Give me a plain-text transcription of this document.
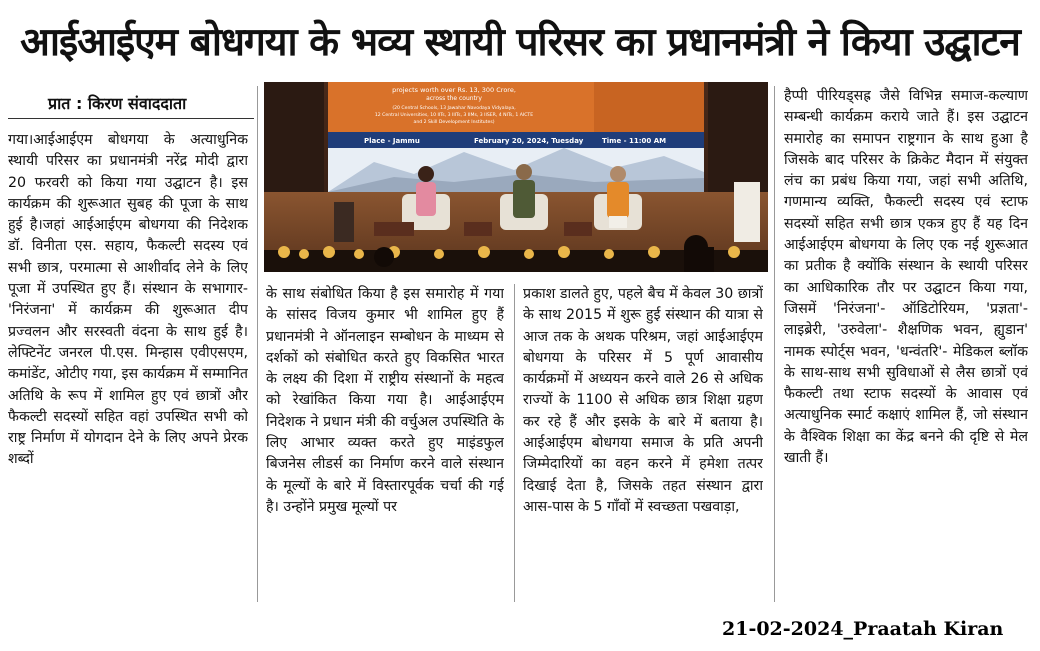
आईआईएम बोधगया के भव्य स्थायी परिसर का प्रधानमंत्री ने किया उद्घाटन
प्रात : किरण संवाददाता
गया।आईआईएम बोधगया के अत्याधुनिक स्थायी परिसर का प्रधानमंत्री नरेंद्र मोदी द्वारा 20 फरवरी को किया गया उद्घाटन है। इस कार्यक्रम की शुरूआत सुबह की पूजा के साथ हुई है।जहां आईआईएम बोधगया की निदेशक डॉ. विनीता एस. सहाय, फैकल्टी सदस्य एवं सभी छात्र, परमात्मा से आशीर्वाद लेने के लिए पूजा में उपस्थित हुए हैं। संस्थान के सभागार- 'निरंजना' में कार्यक्रम की शुरूआत दीप प्रज्वलन और सरस्वती वंदना के साथ हुई है। लेफ्टिनेंट जनरल पी.एस. मिन्हास एवीएसएम, कमांडेंट, ओटीए गया, इस कार्यक्रम में सम्मानित अतिथि के रूप में शामिल हुए एवं छात्रों और फैकल्टी सदस्यों सहित वहां उपस्थित सभी को राष्ट्र निर्माण में योगदान देने के लिए अपने प्रेरक शब्दों
projects worth over Rs. 13, 300 Crore,
across the country
(20 Central Schools, 13 Jawahar Navodaya Vidyalaya,
12 Central Universities, 10 IITs, 3 IIITs, 3 IIMs, 3 IISER, 4 NITs, 1 AICTE
and 2 Skill Development Institutes)
Place - Jammu	February 20, 2024, Tuesday	Time - 11:00 AM
के साथ संबोधित किया है इस समारोह में गया के सांसद विजय कुमार भी शामिल हुए हैं प्रधानमंत्री ने ऑनलाइन सम्बोधन के माध्यम से दर्शकों को संबोधित करते हुए विकसित भारत के लक्ष्य की दिशा में राष्ट्रीय संस्थानों के महत्व को रेखांकित किया गया है। आईआईएम निदेशक ने प्रधान मंत्री की वर्चुअल उपस्थिति के लिए आभार व्यक्त करते हुए माइंडफुल बिजनेस लीडर्स का निर्माण करने वाले संस्थान के मूल्यों के बारे में विस्तारपूर्वक चर्चा की गई है। उन्होंने प्रमुख मूल्यों पर
प्रकाश डालते हुए, पहले बैच में केवल 30 छात्रों के साथ 2015 में शुरू हुई संस्थान की यात्रा से आज तक के अथक परिश्रम, जहां आईआईएम बोधगया के परिसर में 5 पूर्ण आवासीय कार्यक्रमों में अध्ययन करने वाले 26 से अधिक राज्यों के 1100 से अधिक छात्र शिक्षा ग्रहण कर रहे हैं और इसके के बारे में बताया है। आईआईएम बोधगया समाज के प्रति अपनी जिम्मेदारियों का वहन करने में हमेशा तत्पर दिखाई देता है, जिसके तहत संस्थान द्वारा आस-पास के 5 गाँवों में स्वच्छता पखवाड़ा,
हैप्पी पीरियड्सह्र जैसे विभिन्न समाज-कल्याण सम्बन्धी कार्यक्रम कराये जाते हैं। इस उद्घाटन समारोह का समापन राष्ट्रगान के साथ हुआ है जिसके बाद परिसर के क्रिकेट मैदान में संयुक्त लंच का प्रबंध किया गया, जहां सभी अतिथि, गणमान्य व्यक्ति, फैकल्टी सदस्य एवं स्टाफ सदस्यों सहित सभी छात्र एकत्र हुए हैं यह दिन आईआईएम बोधगया के लिए एक नई शुरूआत का प्रतीक है क्योंकि संस्थान के स्थायी परिसर का आधिकारिक तौर पर उद्घाटन किया गया, जिसमें 'निरंजना'- ऑडिटोरियम, 'प्रज्ञता'- लाइब्रेरी, 'उरुवेला'- शैक्षणिक भवन, ह्युडान' नामक स्पोर्ट्स भवन, 'धन्वंतरि'- मेडिकल ब्लॉक के साथ-साथ सभी सुविधाओं से लैस छात्रों एवं फैकल्टी तथा स्टाफ सदस्यों के आवास एवं अत्याधुनिक स्मार्ट कक्षाएं शामिल हैं, जो संस्थान के वैश्विक शिक्षा का केंद्र बनने की दृष्टि से मेल खाती हैं।
21-02-2024_Praatah Kiran
